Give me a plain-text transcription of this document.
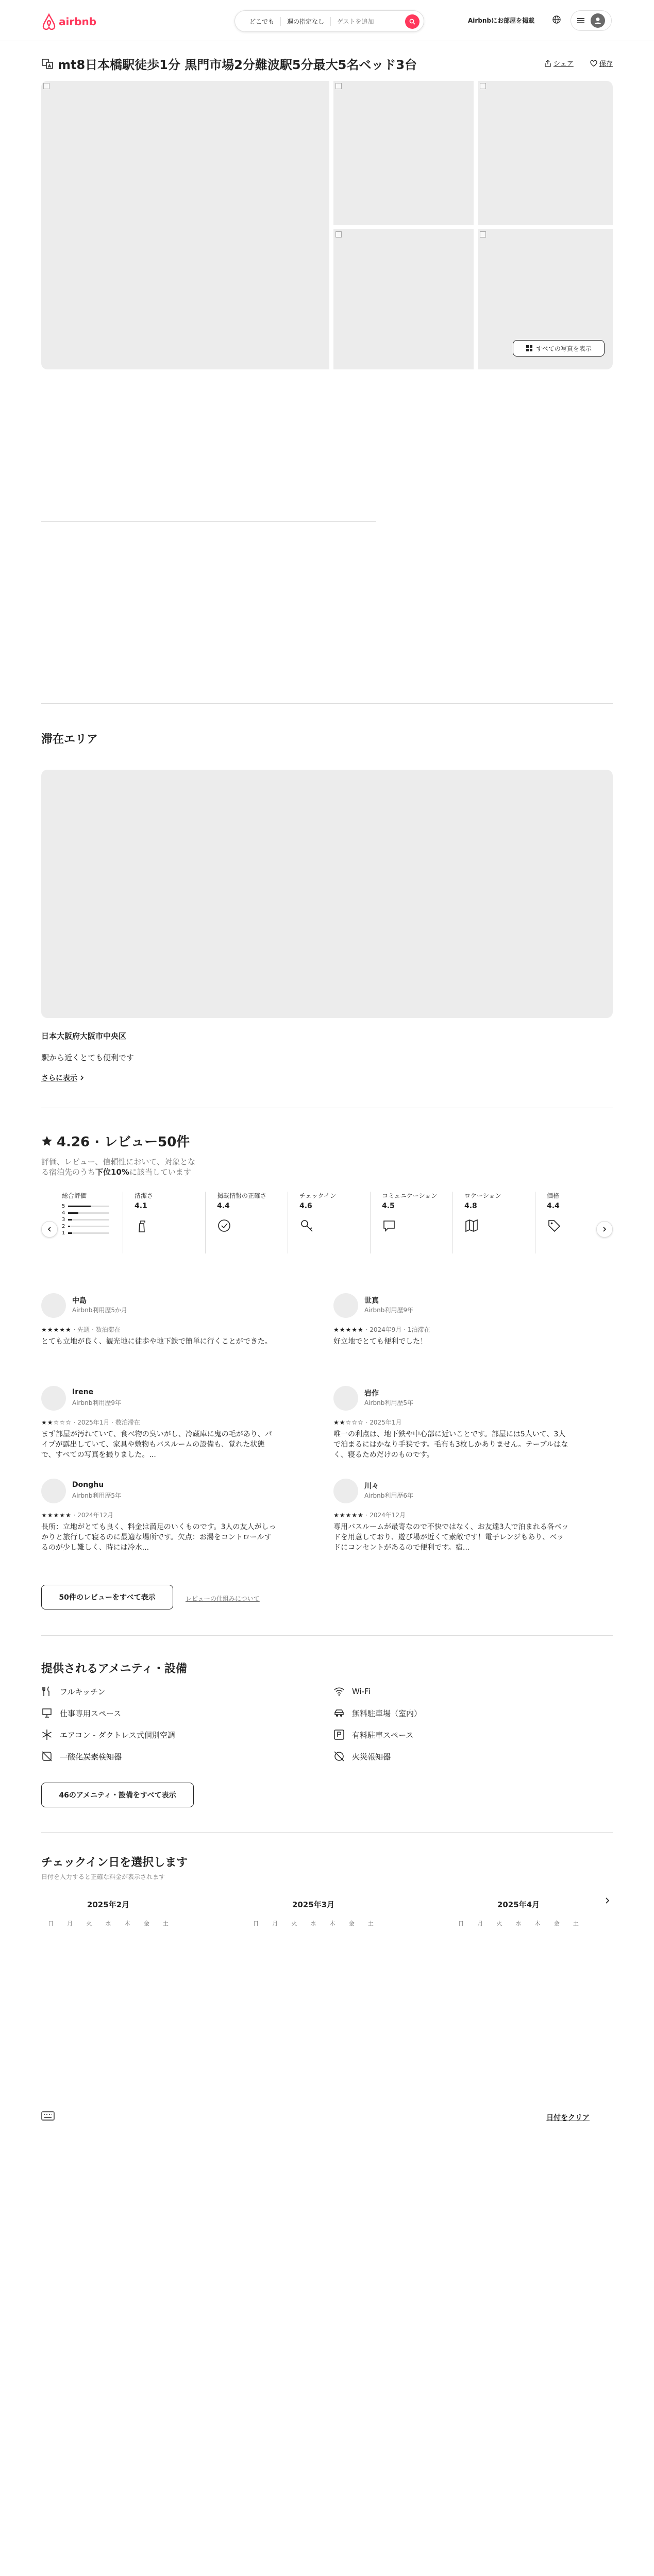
airbnb	どこでも	週の指定なし	ゲストを追加	Airbnbにお部屋を掲載
A mt8日本橋駅徒歩1分 黒門市場2分難波駅5分最大5名ベッド3台	シェア	保存
すべての写真を表示
滞在エリア
日本大阪府大阪市中央区
駅から近くとても便利です
さらに表示
4.26 · レビュー50件
評価、レビュー、信頼性において、対象となる宿泊先のうち下位10%に該当しています
総合評価
5
4
3
2
1
清潔さ
4.1
掲載情報の正確さ
4.4
チェックイン
4.6
コミュニケーション
4.5
ロケーション
4.8
価格
4.4
中島
Airbnb利用歴5か月
★★★★★ · 先週 · 数泊滞在
とても立地が良く、観光地に徒歩や地下鉄で簡単に行くことができた。
世真
Airbnb利用歴9年
★★★★★ · 2024年9月 · 1泊滞在
好立地でとても便利でした！
Irene
Airbnb利用歴9年
★★☆☆☆ · 2025年1月 · 数泊滞在
まず部屋が汚れていて、食べ物の臭いがし、冷蔵庫に鬼の毛があり、パイプが露出していて、家具や敷物もバスルームの設備も、覚れた状態で、すべての写真を撮りました。...
岩作
Airbnb利用歴5年
★★☆☆☆ · 2025年1月
唯一の利点は、地下鉄や中心部に近いことです。部屋には5人いて、3人で泊まるにはかなり手狭です。毛布も3枚しかありません。テーブルはなく、寝るためだけのものです。
Donghu
Airbnb利用歴5年
★★★★★ · 2024年12月
長所：立地がとても良く、料金は満足のいくものです。3人の友人がしっかりと旅行して寝るのに最適な場所です。欠点：お湯をコントロールするのが少し難しく、時には冷水...
川々
Airbnb利用歴6年
★★★★★ · 2024年12月
専用バスルームが最寄なので不快ではなく、お友達3人で泊まれる各ベッドを用意しており、遊び場が近くて素敵です！電子レンジもあり、ベッドにコンセントがあるので便利です。宿...
50件のレビューをすべて表示	レビューの仕組みについて
提供されるアメニティ・設備
フルキッチン	Wi-Fi
仕事専用スペース	無料駐車場（室内）
エアコン - ダクトレス式個別空調	有料駐車スペース
一酸化炭素検知器	火災報知器
46のアメニティ・設備をすべて表示
チェックイン日を選択します
日付を入力すると正確な料金が表示されます
2025年2月
日	月	火	水	木	金	土
2025年3月
日	月	火	水	木	金	土
2025年4月
日	月	火	水	木	金	土
日付をクリア
